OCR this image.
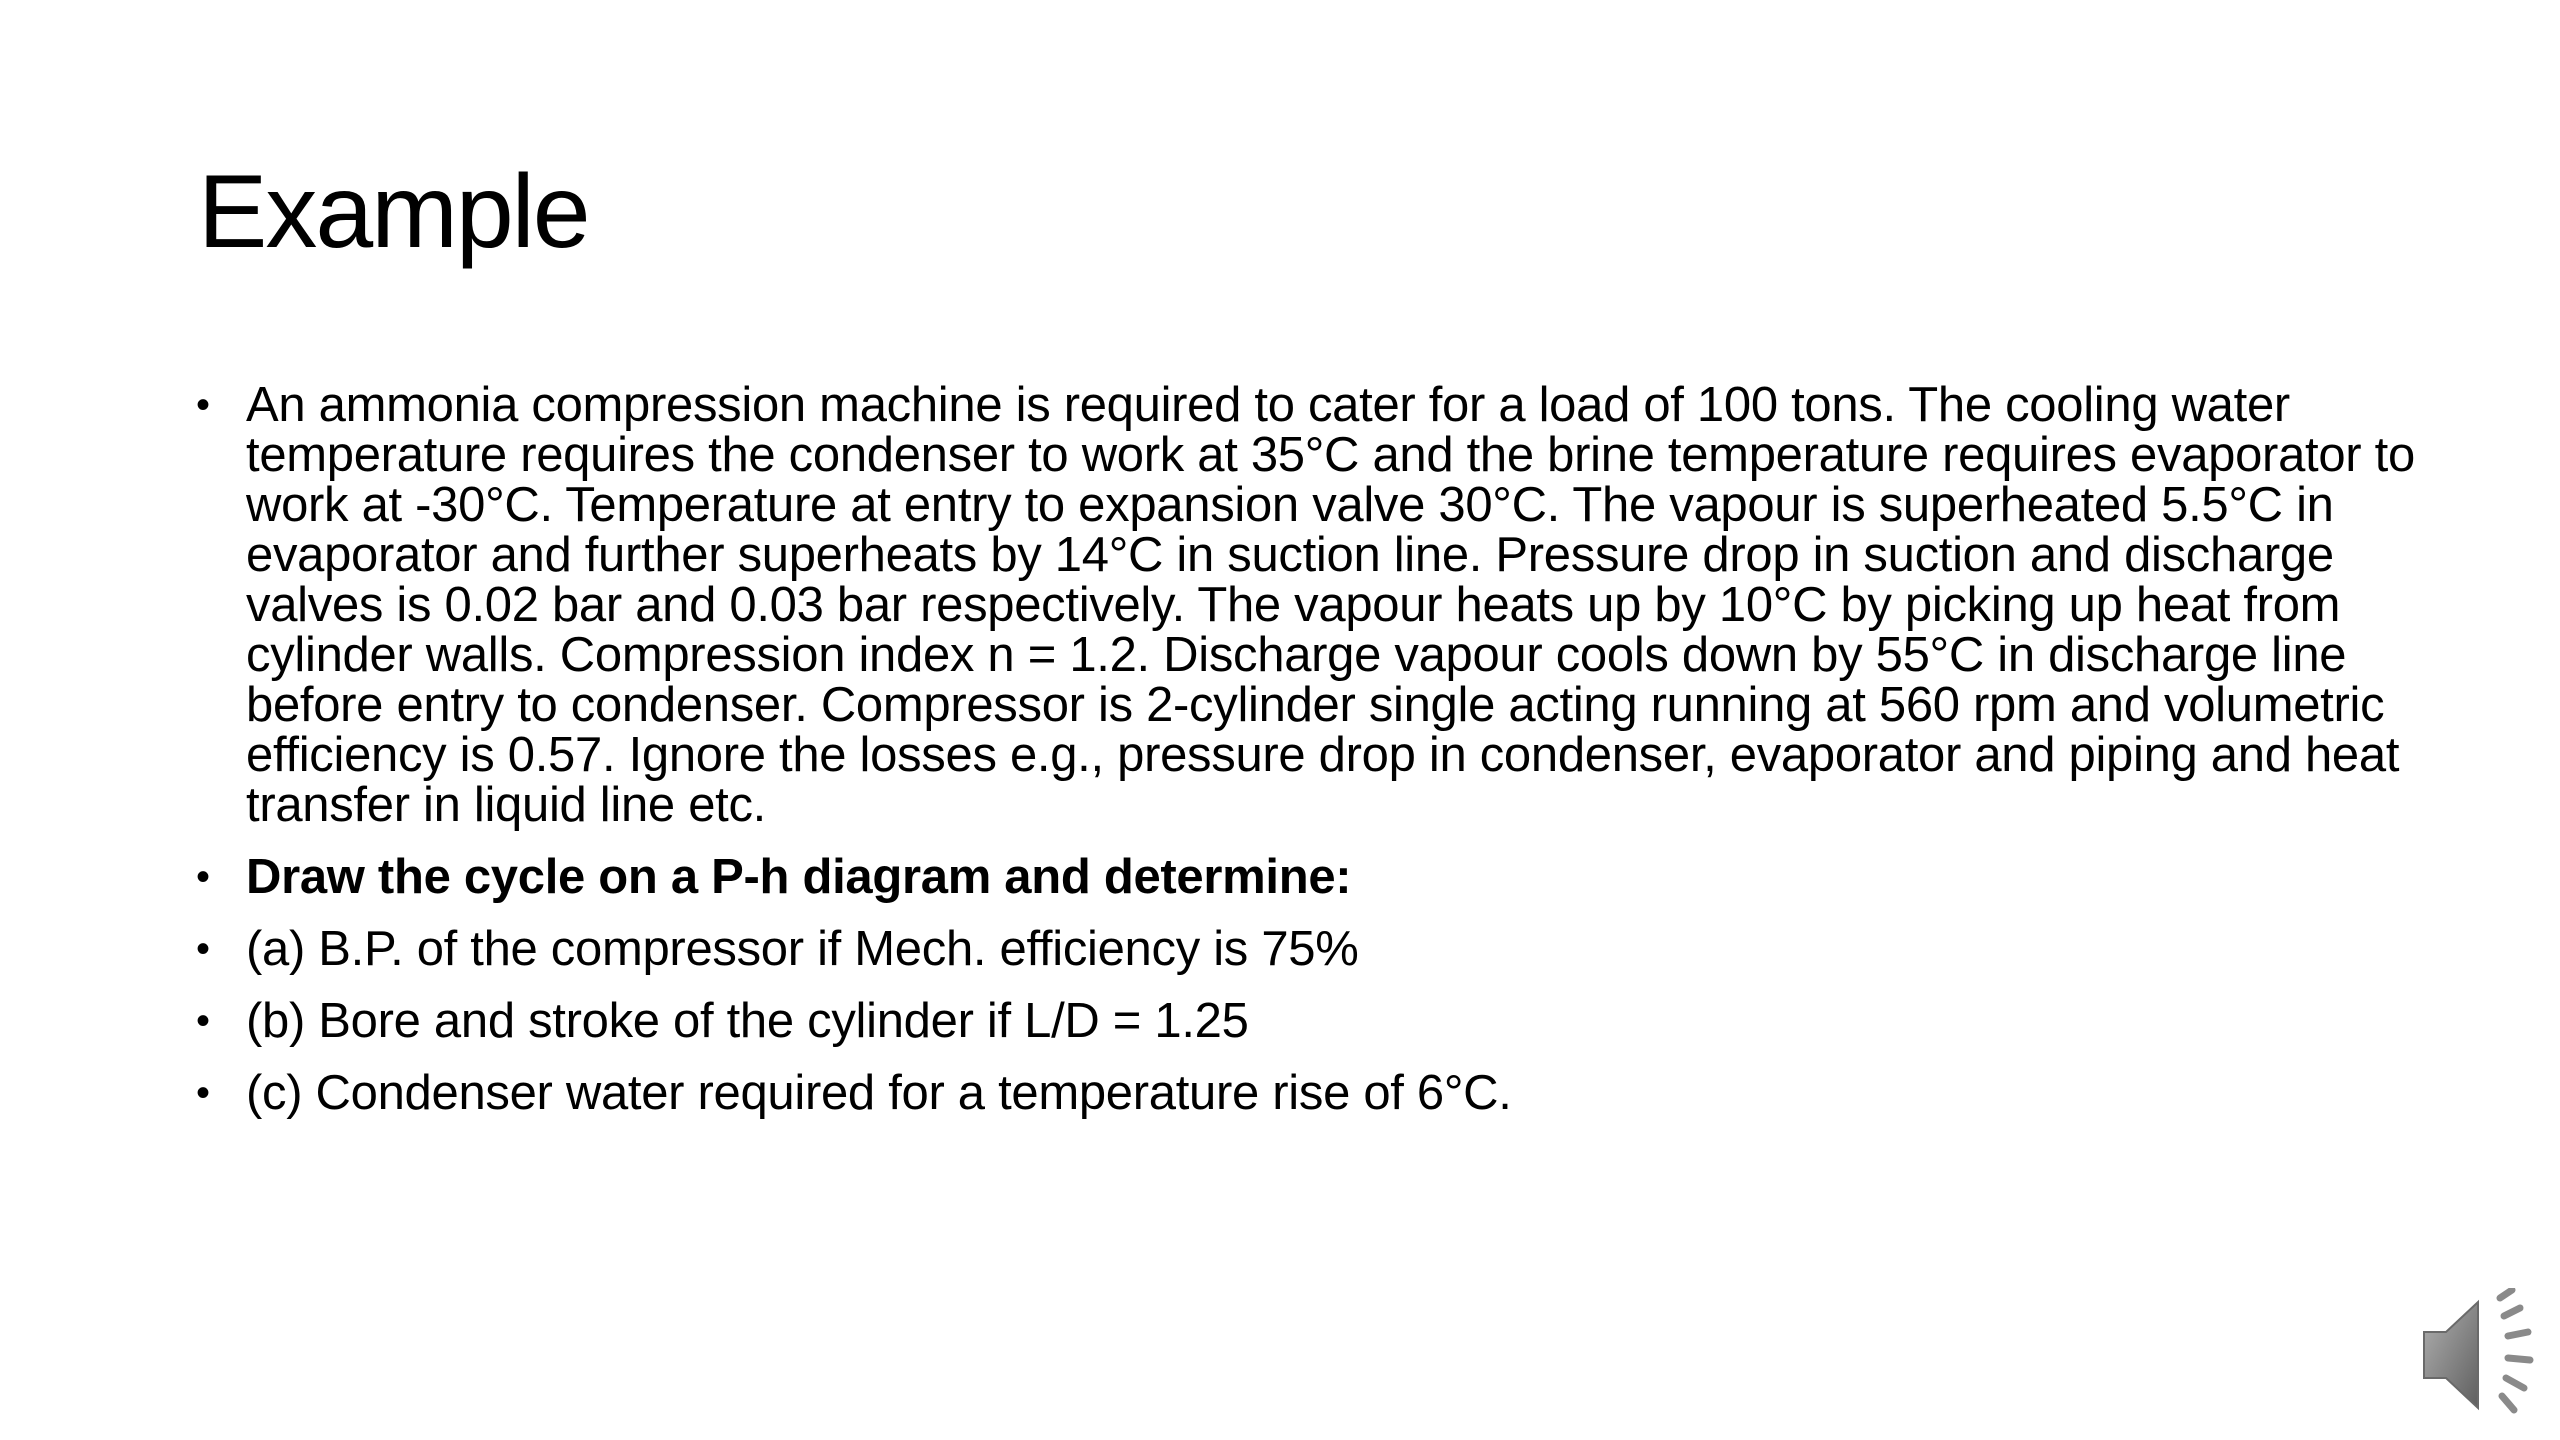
Example
• An ammonia compression machine is required to cater for a load of 100 tons. The cooling water temperature requires the condenser to work at 35°C and the brine temperature requires evaporator to work at -30°C. Temperature at entry to expansion valve 30°C. The vapour is superheated 5.5°C in evaporator and further superheats by 14°C in suction line. Pressure drop in suction and discharge valves is 0.02 bar and 0.03 bar respectively. The vapour heats up by 10°C by picking up heat from cylinder walls. Compression index n = 1.2. Discharge vapour cools down by 55°C in discharge line before entry to condenser. Compressor is 2-cylinder single acting running at 560 rpm and volumetric efficiency is 0.57. Ignore the losses e.g., pressure drop in condenser, evaporator and piping and heat transfer in liquid line etc.
• Draw the cycle on a P-h diagram and determine:
• (a) B.P. of the compressor if Mech. efficiency is 75%
• (b) Bore and stroke of the cylinder if L/D = 1.25
• (c) Condenser water required for a temperature rise of 6°C.
